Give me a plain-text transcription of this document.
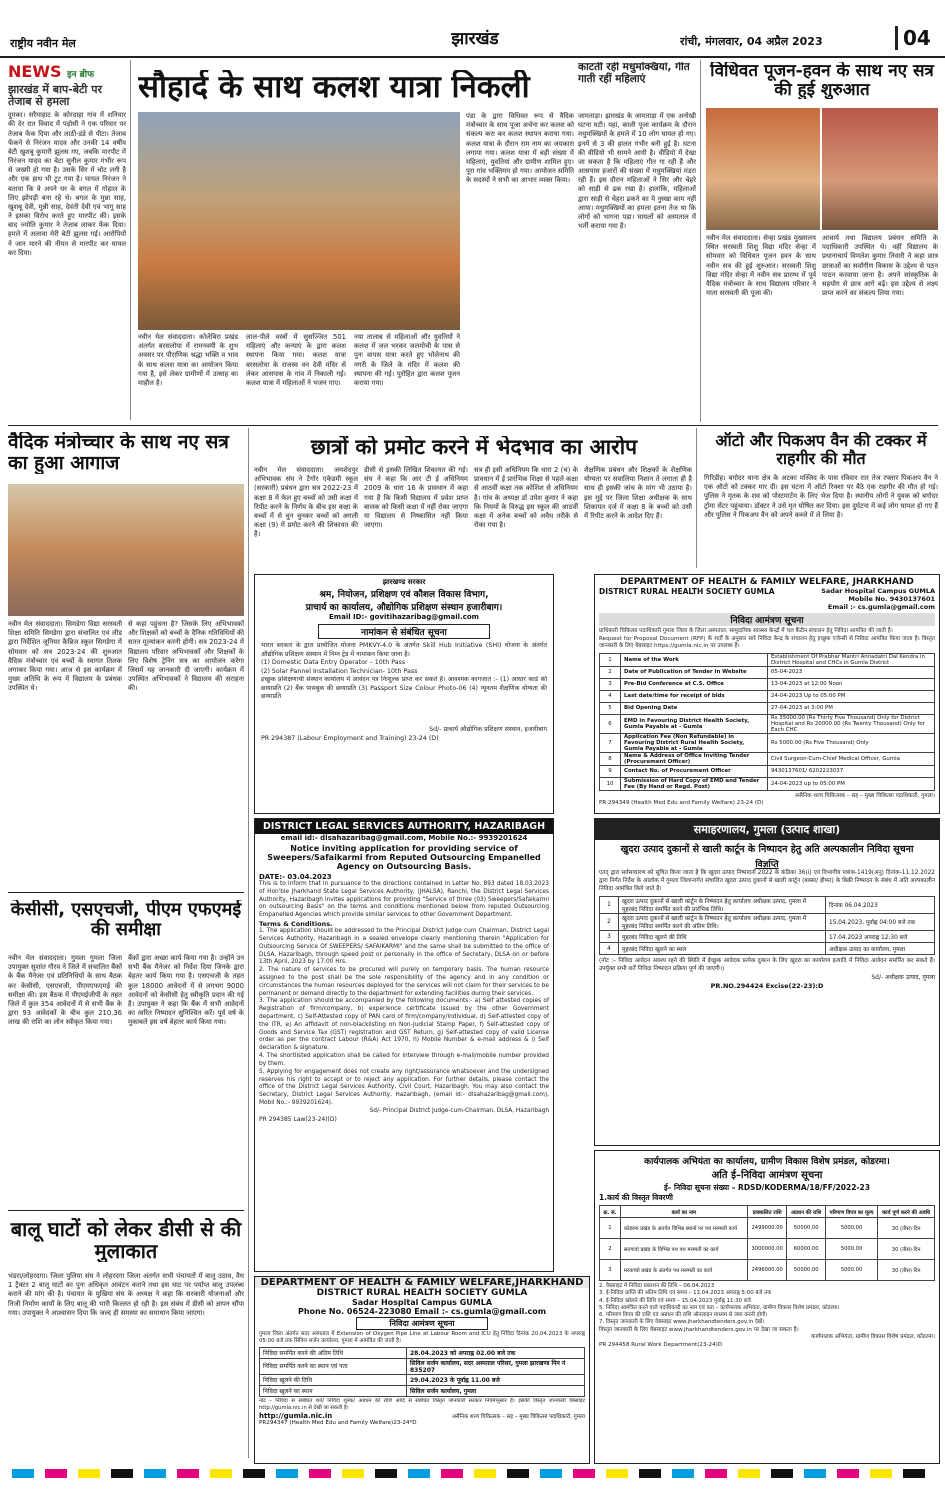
राष्ट्रीय नवीन मेल	झारखंड	रांची, मंगलवार, 04 अप्रैल 2023	04
NEWS इन ब्रीफ
झारखंड में बाप-बेटी पर तेजाब से हमला
दुमका। सरैयाहाट के कोरदाहा गांव में शनिवार की देर रात विवाद में पड़ोसी ने एक परिवार पर तेजाब फेंक दिया और लाठी-डंडे से पीटा। तेजाब फेंकने से निरंजन यादव और उनकी 14 वर्षीय बेटी खुशबू कुमारी झुलस गए, जबकि मारपीट में निरंजन यादव का बेटा सुनील कुमार गंभीर रूप से जख्मी हो गया है। उसके सिर में चोट लगी है और एक हाथ भी टूट गया है। घायल निरंजन ने बताया कि वे अपने घर के बगल में गोहाल के लिए झोपड़ी बना रहे थे। बगल के मुन्ना साह, खुशबू देवी, मुन्नी साह, देवंती देवी एवं भागू साह ने इसका विरोध करते हुए मारपीट की। इसके बाद ज्योति कुमार ने तेजाब लाकर फेंक दिया। हमले में अलावा मेरी बेटी झुलस गई। आरोपियों ने जान मारने की नीयत से मारपीट कर घायल कर दिया।
सौहार्द के साथ कलश यात्रा निकली
नवीन मेल संवाददाता। कोलेबिरा प्रखंड अंतर्गत बरसलोया में रामनवमी के शुभ अवसर पर पौराणिक श्रद्धा भक्ति व भाव के साथ कलश यात्रा का आयोजन किया गया है, इसे लेकर ग्रामीणों में उत्साह का माहौल है।
लाल-पीले वस्त्रों में सुसज्जित 501 महिलाएं और कन्याएं के द्वारा कलश स्थापना किया गया। कलश यात्रा बरसलोया के राजस्व वन देवी मंदिर से लेकर आसपास के गांव में निकाली गई। कलश यात्रा में महिलाओं ने भजन गाए।
नया तालाब से महिलाओं और युवतियों ने कलश में जल भरकर जलमोची के पास से पुनः वापस यात्रा करते हुए भोलेनाथ की नगरी के जिले के मंदिर में कलश की स्थापना की गई। पुरोहित द्वारा कलश पूजन कराया गया।
पंडा के द्वारा विधिवत रूप से वैदिक मंत्रोच्चार के साथ पूजा अर्चना कर कलश को संकल्प करा कर कलश स्थापन कराया गया। कलश यात्रा के दौरान राम नाम का जयकारा लगाया गया। कलश यात्रा में बड़ी संख्या में महिलाएं, युवतियां और ग्रामीण शामिल हुए। पूरा गांव भक्तिमय हो गया। आयोजन समिति के सदस्यों ने सभी का आभार व्यक्त किया।
काटती रही मधुमक्खियां, गीत गाती रहीं महिलाएं
जामताड़ा। झारखंड के जामताड़ा में एक अनोखी घटना घटी। यहां, काली पूजा कार्यक्रम के दौरान मधुमक्खियों के हमले में 10 लोग घायल हो गए। इनमें से 3 की हालत गंभीर बनी हुई है। घटना की वीडियो भी सामने आयी है। वीडियो में देखा जा सकता है कि महिलाएं गीत गा रही हैं और आसपास हजारों की संख्या में मधुमक्खियां मंडरा रही हैं। इस दौरान महिलाओं ने सिर और चेहरे को साड़ी से ढक रखा है। हालांकि, महिलाओं द्वारा साड़ी से चेहरा ढकने का ये नुस्खा काम नहीं आया। मधुमक्खियों का हमला इतना तेज था कि लोगों को भागना पड़ा। घायलों को अस्पताल में भर्ती कराया गया है।
विधिवत पूजन-हवन के साथ नए सत्र की हुई शुरुआत
नवीन मेल संवाददाता। सेन्हा प्रखंड मुख्यालय स्थित सरस्वती शिशु विद्या मंदिर सेन्हा में सोमवार को विधिवत पूजन हवन के साथ नवीन सत्र की हुई शुरुआत। सरस्वती शिशु विद्या मंदिर सेन्हा में नवीन सत्र प्रारम्भ में पूर्व वैदिक मंत्रोच्चार के साथ विद्यालय परिवार ने माता सरस्वती की पूजा की।
आचार्य तथा विद्यालय प्रबंधन समिति के पदाधिकारी उपस्थित थे। वहीं विद्यालय के प्रधानाचार्य विमलेश कुमार तिवारी ने कहा छात्र छात्राओं का सर्वांगीण विकास के उद्देश्य से पठन पाठन करवाया जाना है। अपने सांस्कृतिक के सहयोग से छात्र आगे बढ़ें। इस उद्देश्य से लक्ष्य प्राप्त करने का संकल्प लिया गया।
वैदिक मंत्रोच्चार के साथ नए सत्र का हुआ आगाज
नवीन मेल संवाददाता। सिमडेगा विद्या सरस्वती शिक्षा समिति सिमडेगा द्वारा संचालित एवं लीड द्वारा निर्देशित जूनियर कैब्रिज स्कूल सिमडेगा में सोमवार को सत्र 2023-24 की शुरुआत वैदिक मंत्रोच्चार एवं बच्चों के स्वागत तिलक लगाकर किया गया। आज से इस कार्यक्रम में मुख्य अतिथि के रूप में विद्यालय के प्रबंधक उपस्थित थे।
से कहां पहुंचना है? जिसके लिए अभिभावकों और शिक्षकों को बच्चों के दैनिक गतिविधियों की सतत मूल्यांकन करनी होगी। सत्र 2023-24 में विद्यालय परिवार अभिभावकों और शिक्षकों के लिए विशेष ट्रेनिंग सत्र का आयोजन करेगा जिसमें यह जानकारी दी जाएगी। कार्यक्रम में उपस्थित अभिभावकों ने विद्यालय की सराहना की।
छात्रों को प्रमोट करने में भेदभाव का आरोप
नवीन मेल संवाददाता। जमशेदपुर अभिभावक संघ ने टैगोर एकेडमी स्कूल (सरकारी) प्रबंधन द्वारा सत्र 2022-23 में कक्षा 8 में फेल हुए बच्चों को उसी कक्षा में रिपीट करने के निर्णय के बीच इस कक्षा के बच्चों में से चुन चुनकर बच्चों को अगली कक्षा (9) में प्रमोट करने की शिकायत की है।
डीसी से इसकी लिखित शिकायत की गई। संघ ने कहा कि आर टी ई अधिनियम 2009 के धारा 16 के प्रावधान में कहा गया है कि किसी विद्यालय में प्रवेश प्राप्त बालक को किसी कक्षा में नहीं रोका जाएगा या विद्यालय से निष्कासित नहीं किया जाएगा।
सत्र ही इसी अधिनियम कि धारा 2 (च) के प्रावधान में ई प्रारंभिक शिक्षा से पहले कक्षा से आठवीं कक्षा तक कोशिश से अधिनियम है। गांव के अध्यक्ष डॉ उमेश कुमार ने कहा कि नियमों के विरुद्ध इस स्कूल की आठवीं कक्षा में अनेक बच्चों को अवैध तरीके से रोका गया है।
शैक्षणिक प्रबंधन और शिक्षकों के शैक्षणिक योग्यता पर सवालिया निशान ते लगाता ही है साथ ही इसकी जांच के मांग भी उठाया है। इस मुद्दे पर जिला शिक्षा अधीक्षक के साथ शिकायत दर्ज में कक्षा 8 के बच्चों को उसी में रिपीट करने के आदेश दिए हैं।
ऑटो और पिकअप वैन की टक्कर में राहगीर की मौत
गिरिडीह। बगोदर थाना क्षेत्र के अटका मस्जिद के पास रविवार रात तेज रफ्तार पिकअप वैन ने एक ऑटो को टक्कर मार दी। इस घटना में ऑटो रिक्शा पर बैठे एक राहगीर की मौत हो गई। पुलिस ने मृतक के शव को पोस्टमार्टम के लिए भेज दिया है। स्थानीय लोगों ने युवक को बगोदर ट्रॉमा सेंटर पहुंचाया। डॉक्टर ने उसे मृत घोषित कर दिया। इस दुर्घटना में कई लोग घायल हो गए हैं और पुलिस ने पिकअप वैन को अपने कब्जे में ले लिया है।
झारखण्ड सरकार
श्रम, नियोजन, प्रशिक्षण एवं कौशल विकास विभाग,
प्राचार्य का कार्यालय, औद्योगिक प्रशिक्षण संस्थान हजारीबाग।
Email ID:- govitihazaribag@gmail.com
नामांकन से संबंधित सूचना
भारत सरकार के द्वारा प्रायोजित योजना PMKVY-4.0 के अंतर्गत Skill Hub Initiative (SHI) योजना के अंतर्गत औद्योगिक प्रशिक्षण संस्थान में निम्न ट्रेड में नामांकन किया जाना है।
(1) Domestic Data Entry Operator – 10th Pass
(2) Solar Pannel Installation Technician- 10th Pass
इच्छुक प्रशिक्षणार्थी संस्थान कार्यालय में आवेदन पत्र निःशुल्क प्राप्त कर सकते हैं। आवश्यक कागजात :- (1) आधार कार्ड की छायाप्रति (2) बैंक पासबुक की छायाप्रति (3) Passport Size Colour Photo-06 (4) न्यूनतम शैक्षणिक योग्यता की छायाप्रति
Sd/- प्राचार्य औद्योगिक प्रशिक्षण संस्थान, हजारीबाग
PR 294387 (Labour Employment and Training) 23-24 (D)
DISTRICT LEGAL SERVICES AUTHORITY, HAZARIBAGH
email id:- dlsahazaribag@gmail.com, Mobile No.:- 9939201624
Notice inviting application for providing service of Sweepers/Safaikarmi from Reputed Outsourcing Empanelled Agency on Outsourcing Basis.
DATE:- 03.04.2023
This is to inform that in pursuance to the directions contained in Letter No. 893 dated 18.03.2023 of Hon'ble Jharkhand State Legal Services Authority, (JHALSA), Ranchi, the District Legal Services Authority, Hazaribagh invites applications for providing "Service of three (03) Sweepers/Safaikarmi on outsourcing Basis" on the terms and conditions mentioned below from reputed Outsourcing Empanelled Agencies which provide similar services to other Government Department.
Terms & Conditions.
1. The application should be addressed to the Principal District Judge cum Chairman, District Legal Services Authority, Hazaribagh in a sealed envelope clearly mentioning therein "Application for Outsourcing Service Of SWEEPERS/ SAFAIKARMI" and the same shall be submitted to the office of DLSA, Hazaribagh, through speed post or personally in the office of Secretary, DLSA on or before 13th April, 2023 by 17:00 Hrs.
2. The nature of services to be procured will purely on temporary basis. The human resource assigned to the post shall be the sole responsibility of the agency and in any condition or circumstances the human resources deployed for the services will not claim for their services to be permanent or demand directly to the department for extending facilities during their services.
3. The application should be accompanied by the following documents:- a) Self attested copies of Registration of firm/company, b) experience certificate issued by the other Government department, c) Self-Attested copy of PAN card of firm/company/individual, d) Self-attested copy of the ITR, e) An affidavit of non-blacklisting on Non-Judicial Stamp Paper, f) Self-attested copy of Goods and Service Tax (GST) registration and GST Return, g) Self-attested copy of valid License order as per the contract Labour (R&A) Act 1970, h) Mobile Number & e-mail address & i) Self declaration & signature.
4. The shortlisted application shall be called for interview through e-mail/mobile number provided by them.
5. Applying for engagement does not create any right/assurance whatsoever and the undersigned reserves his right to accept or to reject any application. For further details, please contact the office of the District Legal Services Authority, Civil Court, Hazaribagh. You may also contact the Secretary, District Legal Services Authority, Hazaribagh, (email id:- dlsahazaribag@gmail.com), Mobil No.:- 9939201624).
Sd/- Principal District Judge-cum-Chairman, DLSA, Hazaribagh
PR 294385 Law(23-24)(D)
DEPARTMENT OF HEALTH & FAMILY WELFARE, JHARKHAND
DISTRICT RURAL HEALTH SOCIETY GUMLA	Sadar Hospital Campus GUMLA
Mobile No. 9430137601
Email :- cs.gumla@gmail.com
निविदा आमंत्रण सूचना
प्राधिकारी चिकित्सा पदाधिकारी गुमला जिला के जिला अस्पताल, सामुदायिक स्वास्थ्य केन्द्रों में चल कैंटीन संचालन हेतु निविदा आमंत्रित की जाती है।
Request for Proposal Document (RFP) के शर्तों के अनुसार सारे निविदा केन्द्र के संचालन हेतु इच्छुक एजेन्सी से निविदा आमंत्रित किया जाता है। विस्तृत जानकारी के लिए वेबसाइट https://gumla.nic.in पर उपलब्ध है।
1	Name of the Work	Establishment Of Prabhar Mantri Annadatri Dal Kendra in District Hospital and CHCs in Gumla District
2	Date of Publication of Tender in Website	05-04-2023
3	Pre-Bid Conference at C.S. Office	13-04-2023 at 12:00 Noon
4	Last date/time for receipt of bids	24-04-2023 Up to 05:00 PM
5	Bid Opening Date	27-04-2023 at 3:00 PM
6	EMD in Favouring District Health Society, Gumla Payable at - Gumla	Rs 35000.00 (Rs Thirty Five Thousand) Only for District Hospital and Rs 20000.00 (Rs Twenty Thousand) Only for Each CHC
7	Application Fee (Non Refundable) in Favouring District Rural Health Society, Gumla Payable at - Gumla	Rs 5000.00 (Rs Five Thousand) Only
8	Name & Address of Office Inviting Tender (Procurement Officer)	Civil Surgeon-Cum-Chief Medical Officer, Gumla
9	Contact No. of Procurement Officer	9430137601/ 6202223037
10	Submission of Hard Copy of EMD and Tender Fee (By Hand or Regd. Post)	24-04-2023 up to 05:00 PM
असैनिक शल्य चिकित्सक – सह – मुख्य चिकित्सा पदाधिकारी, गुमला।
PR 294349 (Health Med Edu and Family Welfare) 23-24 (D)
समाहरणालय, गुमला (उत्पाद शाखा)
खुदरा उत्पाद दुकानों से खाली कार्टून के निष्पादन हेतु अति अल्पकालीन निविदा सूचना
विज्ञप्ति
एतद् द्वारा सर्वसाधारण को सूचित किया जाता है कि खुदरा उत्पाद निष्पादनों 2022 के कंडिका 36(i) एवं विभागीय पत्रांक-1419(अनु) दिनांक-11.12.2022 द्वारा निर्गत निर्देश के आलोक में गुमला जिलान्तर्गत संचालित खुदरा उत्पाद दुकानों से खाली कार्टून (बक्सा/ हीफर) के बिक्री निष्पादन के संबंध में अति अल्पकालीन निविदा आमंत्रित किये जाते हैं।
1	खुदरा उत्पाद दुकानों से खाली कार्टून के निष्पादन हेतु कार्यालय अधीक्षक उत्पाद, गुमला में मुहरबंद निविदा समर्पित करने की प्रारंभिक तिथि।	दिनांक 06.04.2023
2	खुदरा उत्पाद दुकानों से खाली कार्टून के निष्पादन हेतु कार्यालय अधीक्षक उत्पाद, गुमला में मुहरबंद निविदा समर्पित करने की अंतिम तिथि।	15.04.2023, पूर्वाह्न 04:00 बजे तक
3	मुहरबंद निविदा खुलने की तिथि	17.04.2023 अपराह्न 12:30 बजे
4	मुहरबंद निविदा खुलने का स्थल	अधीक्षक उत्पाद का कार्यालय, गुमला
(नोट :– निविदा आवेदन अवश्य रहने की स्थिति में ईच्छुक आवेदक प्रत्येक दुकान के लिए खुदरा का कार्यालय इत्यादि में निविदा आवेदन समर्पित कर सकते हैं। उपर्युक्त सभी शर्तें निविदा निष्पादन प्रक्रिया पूर्ण की जाएगी।)
Sd/- अधीक्षक उत्पाद, गुमला
PR.NO.294424 Excise(22-23):D
कार्यपालक अभियंता का कार्यालय, ग्रामीण विकास विशेष प्रमंडल, कोडरमा।
अति ई–निविदा आमंत्रण सूचना
ई– निविदा सूचना संख्या – RDSD/KODERMA/18/FF/2022-23
1.कार्य की विस्तृत विवरणी
क्र. सं.	कार्य का नाम	प्राक्कलित राशि	अग्रधन की राशि	परिमाण विपत्र का मूल्य	कार्य पूर्ण करने की अवधि
1	कोडरमा प्रखंड के अंतर्गत विभिन्न स्थानों पर पथ मरम्मती कार्य	2499000.00	50000.00	5000.00	30 (तीस) दिन
2	सतगावां प्रखंड के विभिन्न पथ पथ मरम्मती का कार्य	3000000.00	60000.00	5000.00	30 (तीस) दिन
3	मरकच्चो प्रखंड के अंतर्गत पथ मरम्मती का कार्य	2496000.00	50000.00	5000.00	30 (तीस) दिन
2. वेबसाइट में निविदा प्रकाशन की तिथि – 06.04.2023
3. ई-निविदा प्राप्ति की अंतिम तिथि एवं समय – 13.04.2023 अपराह्न 5:00 बजे तक
4. ई-निविदा खोलने की तिथि एवं समय – 15.04.2023 पूर्वाह्न 11:30 बजे
5. निविदा आमंत्रित करने वाले पदाधिकारी का नाम एवं पता – कार्यपालक अभियंता, ग्रामीण विकास विशेष प्रमंडल, कोडरमा।
6. परिमाण विपत्र की राशि एवं अग्रधन की राशि ऑनलाइन माध्यम से जमा करनी होगी।
7. विस्तृत जानकारी के लिए वेबसाइट www.jharkhandtenders.gov.in देखें।
विस्तृत जानकारी के लिए वेबसाइट www.jharkhandtenders.gov.in पर देखा जा सकता है।
कार्यपालक अभियंता, ग्रामीण विकास विशेष प्रमंडल, कोडरमा।
PR 294458 Rural Work Department(23-24)D
DEPARTMENT OF HEALTH & FAMILY WELFARE,JHARKHAND
DISTRICT RURAL HEALTH SOCIETY GUMLA
Sadar Hospital Campus GUMLA
Phone No. 06524-223080 Email :- cs.gumla@gmail.com
निविदा आमंत्रण सूचना
गुमला जिला अंतर्गत सदर अस्पताल में Extension of Oxygen Pipe Line at Labour Room and ICU हेतु निविदा दिनांक 20.04.2023 के अपराह्न 05:00 बजे तक सिविल सर्जन कार्यालय, गुमला में आमंत्रित की जाती है।
निविदा समर्पित करने की अंतिम तिथि	28.04.2023 को अपराह्न 02.00 बजे तक
निविदा समर्पित करने का स्थान एवं पता	सिविल सर्जन कार्यालय, सदर अस्पताल परिसर, गुमला झारखण्ड पिन नं 835207
निविदा खुलने की तिथि	29.04.2023 के पूर्वाह्न 11.00 बजे
निविदा खुलने का स्थान	सिविल सर्जन कार्यालय, गुमला
नोट – निविदा से संबंधित शर्त/ निविदा शुल्क/ अग्रधन की राशि आदि से संबंधित विस्तृत जानकारी सरकार नियमानुसार है। इसकी विस्तृत जानकारी वेबसाइट http://gumla.nic.in से देखी जा सकती है।
http://gumla.nic.in	असैनिक शल्य चिकित्सक – सह – मुख्य चिकित्सा पदाधिकारी, गुमला
PR294347 (Health Med Edu and Family Welfare)23-24*D
केसीसी, एसएचजी, पीएम एफएमई की समीक्षा
नवीन मेल संवाददाता। गुमला गुमला जिला उपायुक्त सुशांत गौरव ने जिले में संचालित बैंकों के बैंक मैनेजर एवं प्रतिनिधियों के साथ बैठक कर केसीसी, एसएचजी, पीएमएफएमई की समीक्षा की। इस बैठक में पीएमईजीपी के तहत जिले में कुल 354 आवेदनों में से सभी बैंक के द्वारा 93 आवेदकों के बीच कुल 210.36 लाख की राशि का लोन स्वीकृत किया गया।
बैंकों द्वारा अच्छा कार्य किया गया है। उन्होंने उन सभी बैंक मैनेजर को निर्देश दिया जिनके द्वारा बेहतर कार्य किया गया है। एसएचजी के तहत कुल 18000 आवेदनों में से लगभग 9000 आवेदनों को केसीसी हेतु स्वीकृति प्रदान की गई है। उपायुक्त ने कहा कि बैंक में सभी आवेदनों का त्वरित निष्पादन सुनिश्चित करें। पूर्व वर्ष के मुकाबले इस वर्ष बेहतर कार्य किया गया।
बालू घाटों को लेकर डीसी से की मुलाकात
भंडरा/लोहरदगा। जिला पुलिया संघ ने लोहरदगा जिला अंतर्गत सभी पंचायतों में बालू उठाव, वैध 1 ट्रैक्टर 2 बालू घाटों का पुनः अधिकृत आवंटन कराने तथा इस घाट पर पर्याप्त बालू उपलब्ध कराने की मांग की है। पंचायत के मुखिया संघ के अध्यक्ष ने कहा कि सरकारी योजनाओं और निजी निर्माण कार्यों के लिए बालू की भारी किल्लत हो रही है। इस संबंध में डीसी को ज्ञापन सौंपा गया। उपायुक्त ने आश्वासन दिया कि जल्द ही समस्या का समाधान किया जाएगा।
